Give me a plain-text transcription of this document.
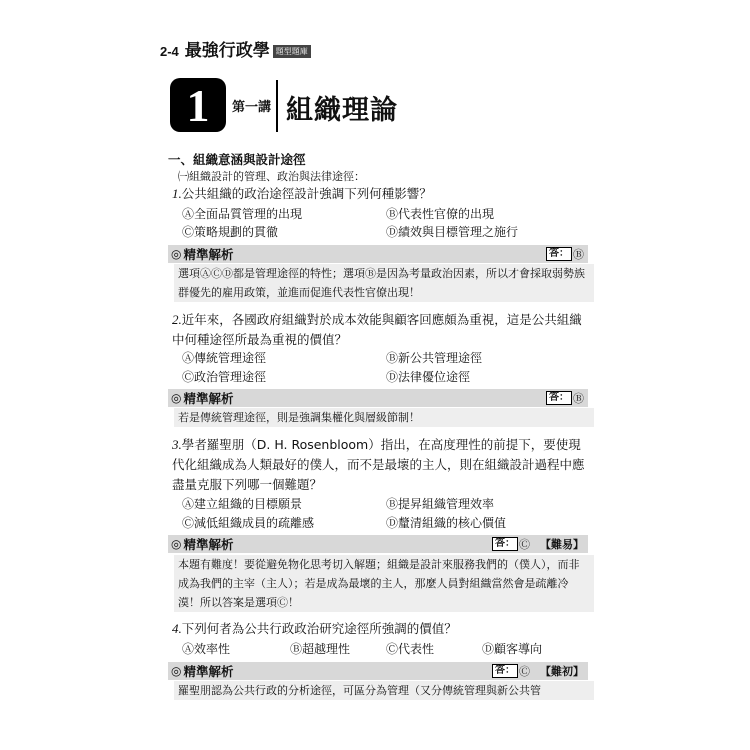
2-4 最強行政學 題型題庫
1	第一講 組織理論
一、組織意涵與設計途徑
㈠組織設計的管理、政治與法律途徑：
1.公共組織的政治途徑設計強調下列何種影響？
Ⓐ全面品質管理的出現	Ⓑ代表性官僚的出現
Ⓒ策略規劃的貫徹	Ⓓ績效與目標管理之施行
◎ 精準解析	答： Ⓑ
選項ⒶⒸⒹ都是管理途徑的特性；選項Ⓑ是因為考量政治因素，所以才會採取弱勢族群優先的雇用政策，並進而促進代表性官僚出現！
2.近年來，各國政府組織對於成本效能與顧客回應頗為重視，這是公共組織中何種途徑所最為重視的價值？
Ⓐ傳統管理途徑	Ⓑ新公共管理途徑
Ⓒ政治管理途徑	Ⓓ法律優位途徑
◎ 精準解析	答： Ⓑ
若是傳統管理途徑，則是強調集權化與層級節制！
3.學者羅聖朋（D. H. Rosenbloom）指出，在高度理性的前提下，要使現代化組織成為人類最好的僕人，而不是最壞的主人，則在組織設計過程中應盡量克服下列哪一個難題？
Ⓐ建立組織的目標願景	Ⓑ提昇組織管理效率
Ⓒ減低組織成員的疏離感	Ⓓ釐清組織的核心價值
◎ 精準解析	答： Ⓒ 【難易】
本題有難度！要從避免物化思考切入解題；組織是設計來服務我們的（僕人），而非成為我們的主宰（主人）；若是成為最壞的主人，那麼人員對組織當然會是疏離冷漠！所以答案是選項Ⓒ！
4.下列何者為公共行政政治研究途徑所強調的價值？
Ⓐ效率性	Ⓑ超越理性	Ⓒ代表性	Ⓓ顧客導向
◎ 精準解析	答： Ⓒ 【難初】
羅聖朋認為公共行政的分析途徑，可區分為管理（又分傳統管理與新公共管
